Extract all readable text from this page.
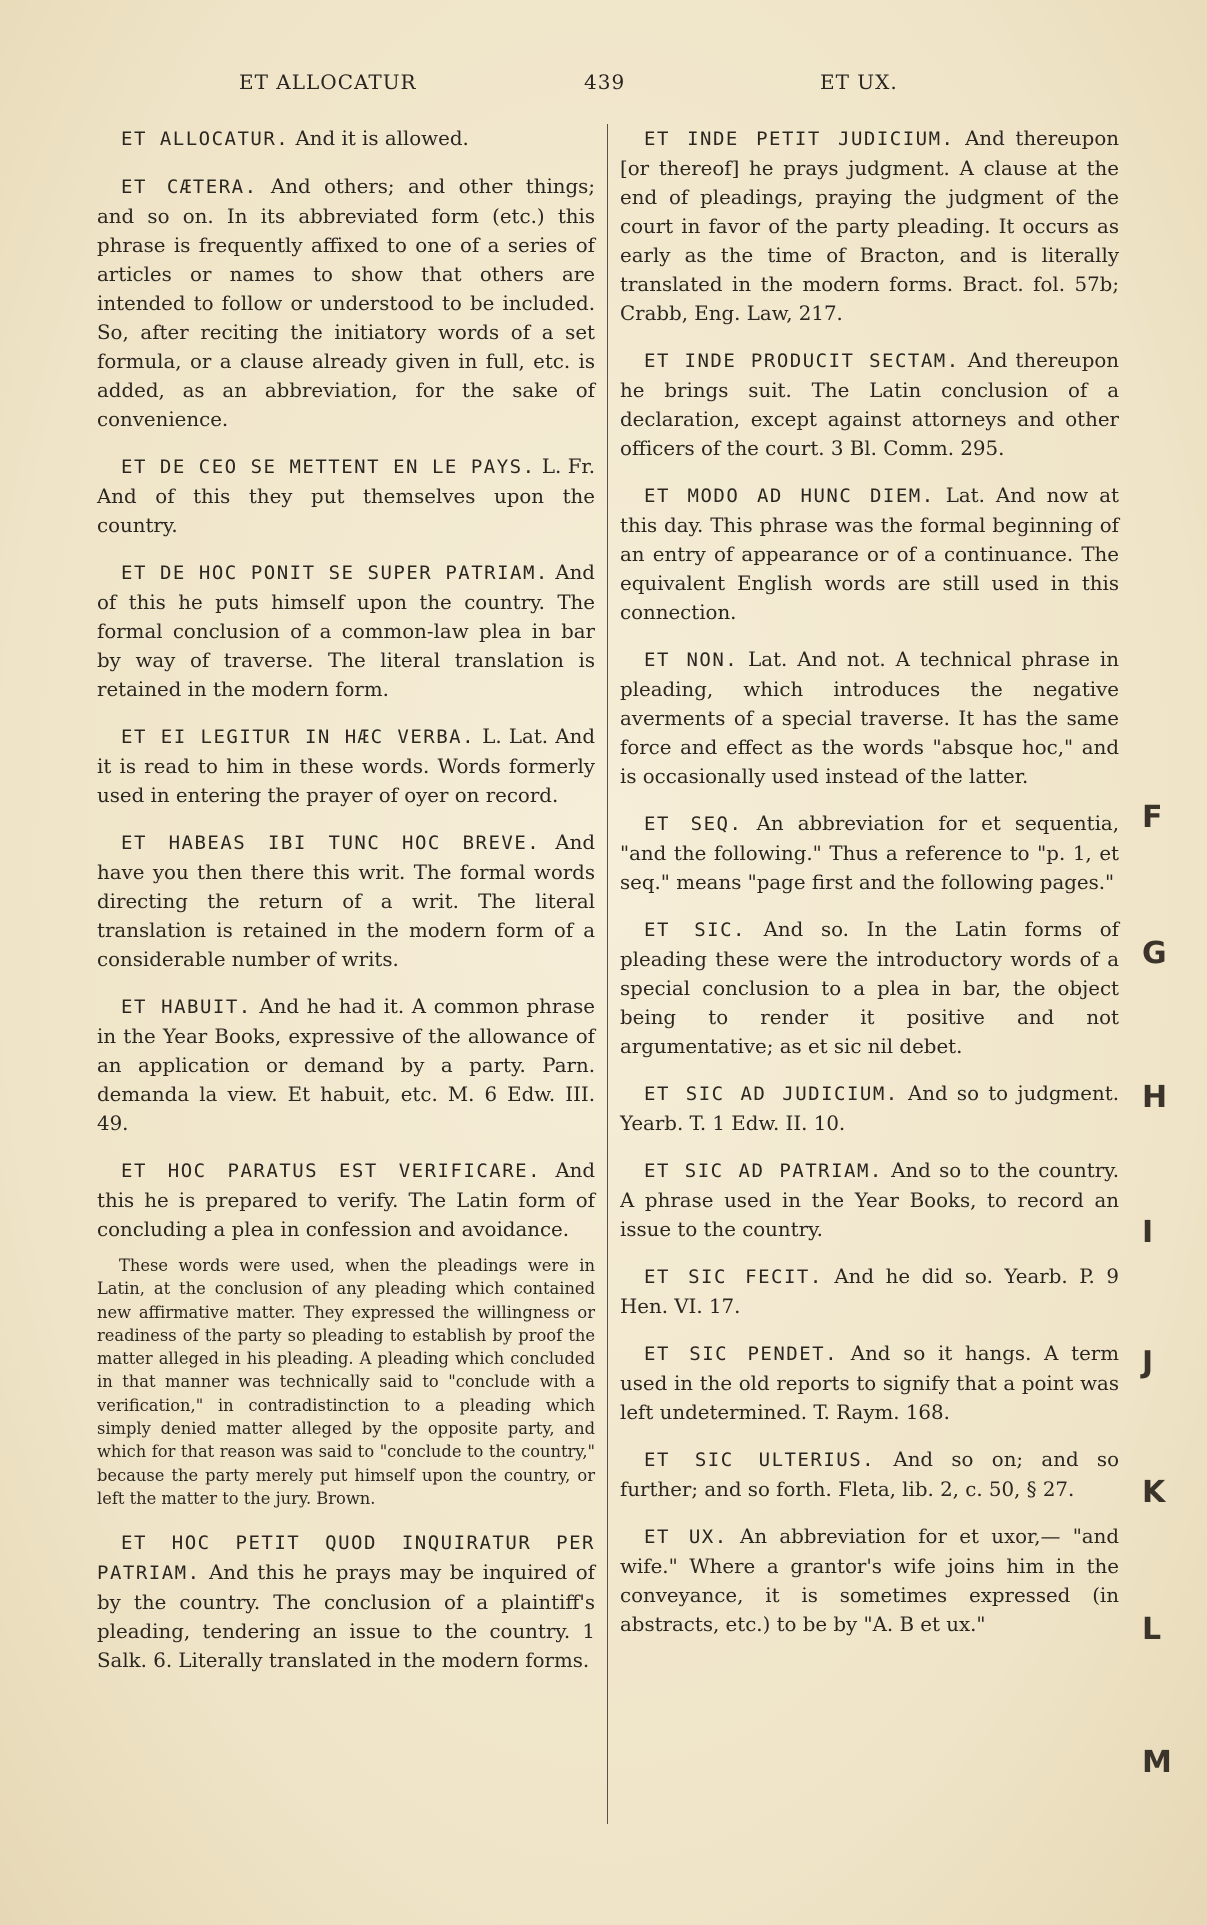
ET ALLOCATUR	439	ET UX.

ET ALLOCATUR. And it is allowed.

ET CÆTERA. And others; and other things; and so on. In its abbreviated form (etc.) this phrase is frequently affixed to one of a series of articles or names to show that others are intended to follow or understood to be included. So, after reciting the initiatory words of a set formula, or a clause already given in full, etc. is added, as an abbreviation, for the sake of convenience.

ET DE CEO SE METTENT EN LE PAYS. L. Fr. And of this they put themselves upon the country.

ET DE HOC PONIT SE SUPER PATRIAM. And of this he puts himself upon the country. The formal conclusion of a common-law plea in bar by way of traverse. The literal translation is retained in the modern form.

ET EI LEGITUR IN HÆC VERBA. L. Lat. And it is read to him in these words. Words formerly used in entering the prayer of oyer on record.

ET HABEAS IBI TUNC HOC BREVE. And have you then there this writ. The formal words directing the return of a writ. The literal translation is retained in the modern form of a considerable number of writs.

ET HABUIT. And he had it. A common phrase in the Year Books, expressive of the allowance of an application or demand by a party. Parn. demanda la view. Et habuit, etc. M. 6 Edw. III. 49.

ET HOC PARATUS EST VERIFICARE. And this he is prepared to verify. The Latin form of concluding a plea in confession and avoidance.

These words were used, when the pleadings were in Latin, at the conclusion of any pleading which contained new affirmative matter. They expressed the willingness or readiness of the party so pleading to establish by proof the matter alleged in his pleading. A pleading which concluded in that manner was technically said to "conclude with a verification," in contradistinction to a pleading which simply denied matter alleged by the opposite party, and which for that reason was said to "conclude to the country," because the party merely put himself upon the country, or left the matter to the jury. Brown.

ET HOC PETIT QUOD INQUIRATUR PER PATRIAM. And this he prays may be inquired of by the country. The conclusion of a plaintiff's pleading, tendering an issue to the country. 1 Salk. 6. Literally translated in the modern forms.

ET INDE PETIT JUDICIUM. And thereupon [or thereof] he prays judgment. A clause at the end of pleadings, praying the judgment of the court in favor of the party pleading. It occurs as early as the time of Bracton, and is literally translated in the modern forms. Bract. fol. 57b; Crabb, Eng. Law, 217.

ET INDE PRODUCIT SECTAM. And thereupon he brings suit. The Latin conclusion of a declaration, except against attorneys and other officers of the court. 3 Bl. Comm. 295.

ET MODO AD HUNC DIEM. Lat. And now at this day. This phrase was the formal beginning of an entry of appearance or of a continuance. The equivalent English words are still used in this connection.

ET NON. Lat. And not. A technical phrase in pleading, which introduces the negative averments of a special traverse. It has the same force and effect as the words "absque hoc," and is occasionally used instead of the latter.

ET SEQ. An abbreviation for et sequentia, "and the following." Thus a reference to "p. 1, et seq." means "page first and the following pages."

ET SIC. And so. In the Latin forms of pleading these were the introductory words of a special conclusion to a plea in bar, the object being to render it positive and not argumentative; as et sic nil debet.

ET SIC AD JUDICIUM. And so to judgment. Yearb. T. 1 Edw. II. 10.

ET SIC AD PATRIAM. And so to the country. A phrase used in the Year Books, to record an issue to the country.

ET SIC FECIT. And he did so. Yearb. P. 9 Hen. VI. 17.

ET SIC PENDET. And so it hangs. A term used in the old reports to signify that a point was left undetermined. T. Raym. 168.

ET SIC ULTERIUS. And so on; and so further; and so forth. Fleta, lib. 2, c. 50, § 27.

ET UX. An abbreviation for et uxor,— "and wife." Where a grantor's wife joins him in the conveyance, it is sometimes expressed (in abstracts, etc.) to be by "A. B et ux."

F
G
H
I
J
K
L
M
